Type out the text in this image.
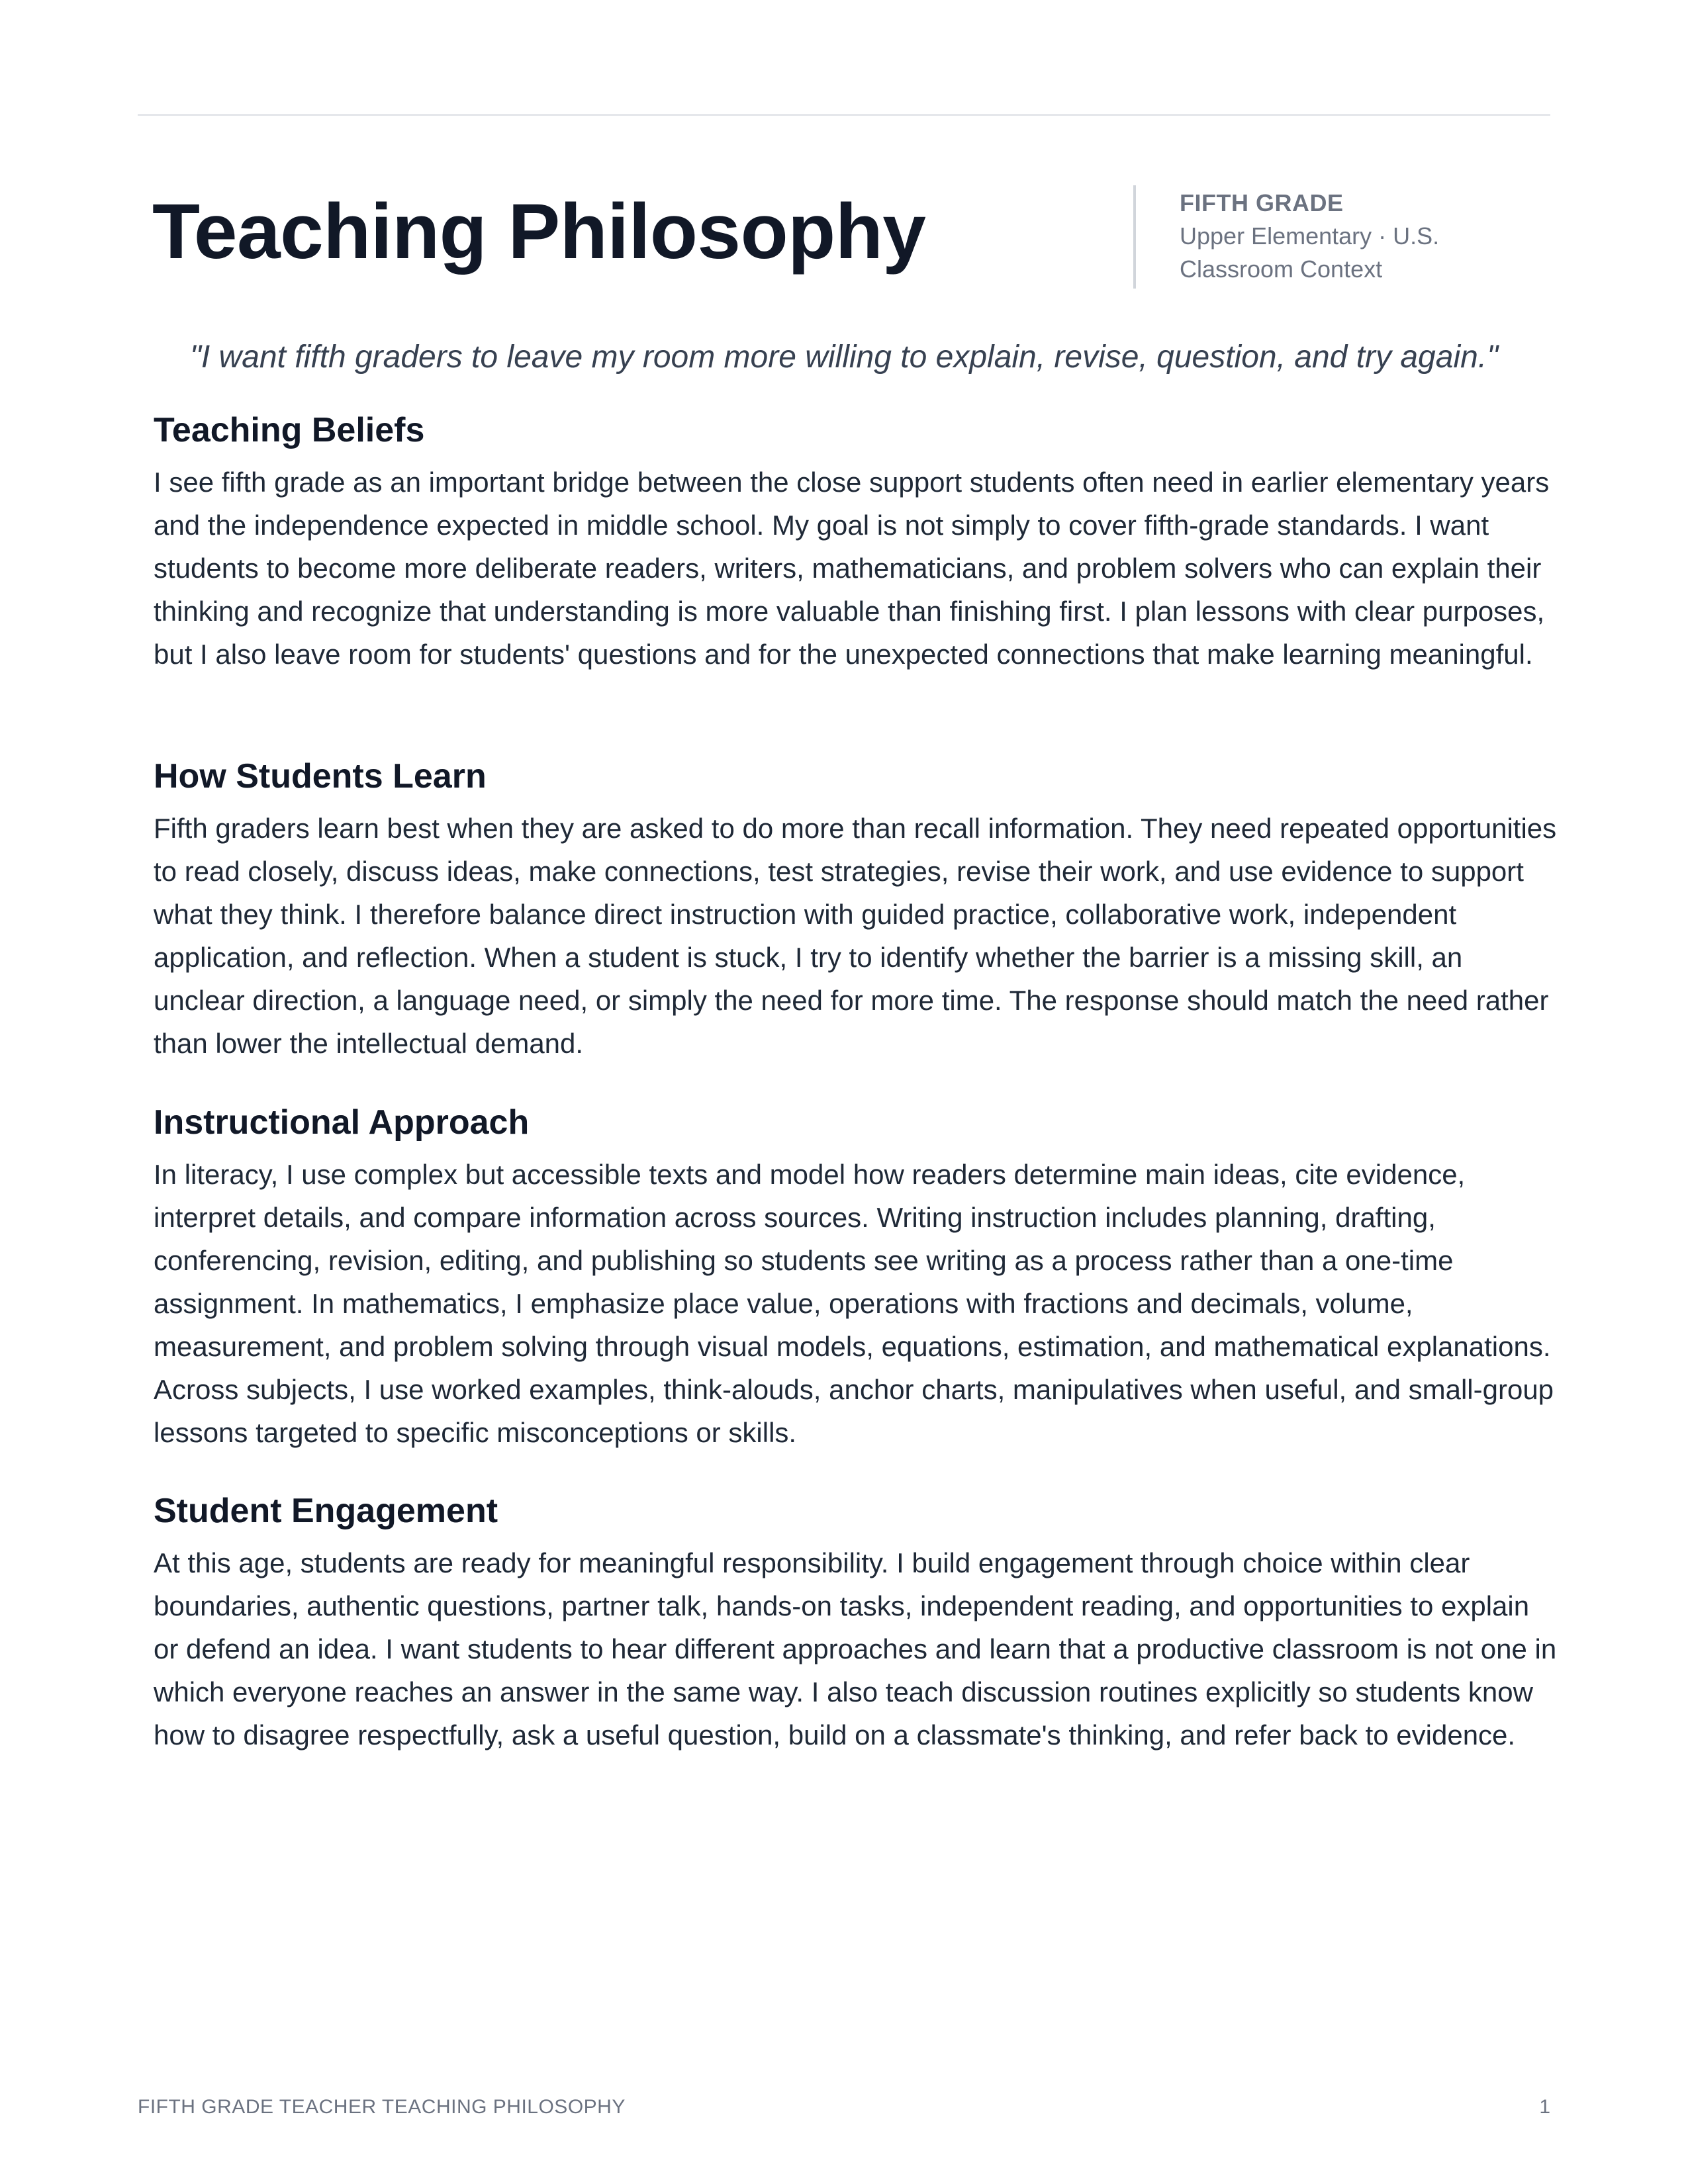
Teaching Philosophy	FIFTH GRADE
Upper Elementary · U.S. Classroom Context
"I want fifth graders to leave my room more willing to explain, revise, question, and try again."
Teaching Beliefs

I see fifth grade as an important bridge between the close support students often need in earlier elementary years and the independence expected in middle school. My goal is not simply to cover fifth-grade standards. I want students to become more deliberate readers, writers, mathematicians, and problem solvers who can explain their thinking and recognize that understanding is more valuable than finishing first. I plan lessons with clear purposes, but I also leave room for students' questions and for the unexpected connections that make learning meaningful.

How Students Learn

Fifth graders learn best when they are asked to do more than recall information. They need repeated opportunities to read closely, discuss ideas, make connections, test strategies, revise their work, and use evidence to support what they think. I therefore balance direct instruction with guided practice, collaborative work, independent application, and reflection. When a student is stuck, I try to identify whether the barrier is a missing skill, an unclear direction, a language need, or simply the need for more time. The response should match the need rather than lower the intellectual demand.

Instructional Approach

In literacy, I use complex but accessible texts and model how readers determine main ideas, cite evidence, interpret details, and compare information across sources. Writing instruction includes planning, drafting, conferencing, revision, editing, and publishing so students see writing as a process rather than a one-time assignment. In mathematics, I emphasize place value, operations with fractions and decimals, volume, measurement, and problem solving through visual models, equations, estimation, and mathematical explanations. Across subjects, I use worked examples, think-alouds, anchor charts, manipulatives when useful, and small-group lessons targeted to specific misconceptions or skills.

Student Engagement

At this age, students are ready for meaningful responsibility. I build engagement through choice within clear boundaries, authentic questions, partner talk, hands-on tasks, independent reading, and opportunities to explain or defend an idea. I want students to hear different approaches and learn that a productive classroom is not one in which everyone reaches an answer in the same way. I also teach discussion routines explicitly so students know how to disagree respectfully, ask a useful question, build on a classmate's thinking, and refer back to evidence.

FIFTH GRADE TEACHER TEACHING PHILOSOPHY	1
